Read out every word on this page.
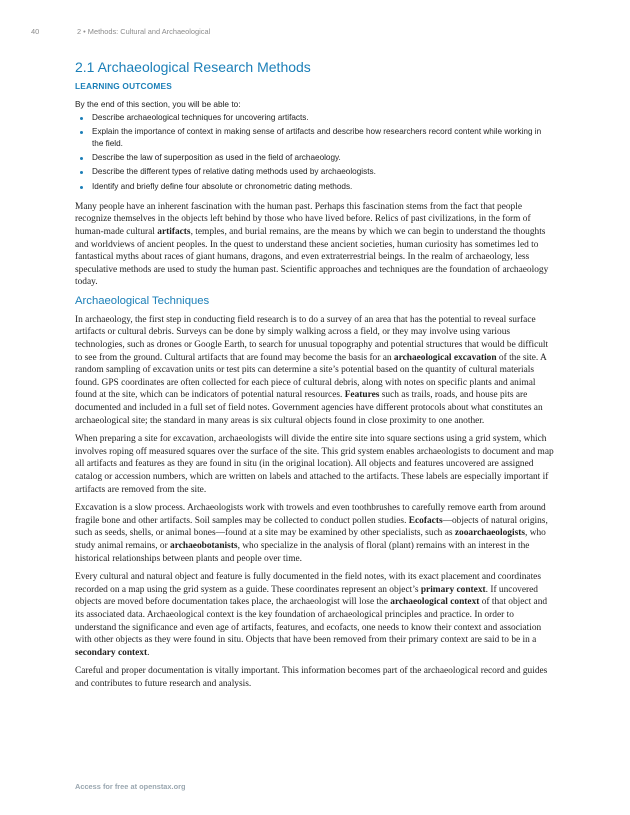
40	2 • Methods: Cultural and Archaeological
2.1 Archaeological Research Methods
LEARNING OUTCOMES

By the end of this section, you will be able to:

Describe archaeological techniques for uncovering artifacts.
Explain the importance of context in making sense of artifacts and describe how researchers record content while working in the field.
Describe the law of superposition as used in the field of archaeology.
Describe the different types of relative dating methods used by archaeologists.
Identify and briefly define four absolute or chronometric dating methods.

Many people have an inherent fascination with the human past. Perhaps this fascination stems from the fact that people recognize themselves in the objects left behind by those who have lived before. Relics of past civilizations, in the form of human-made cultural artifacts, temples, and burial remains, are the means by which we can begin to understand the thoughts and worldviews of ancient peoples. In the quest to understand these ancient societies, human curiosity has sometimes led to fantastical myths about races of giant humans, dragons, and even extraterrestrial beings. In the realm of archaeology, less speculative methods are used to study the human past. Scientific approaches and techniques are the foundation of archaeology today.

Archaeological Techniques

In archaeology, the first step in conducting field research is to do a survey of an area that has the potential to reveal surface artifacts or cultural debris. Surveys can be done by simply walking across a field, or they may involve using various technologies, such as drones or Google Earth, to search for unusual topography and potential structures that would be difficult to see from the ground. Cultural artifacts that are found may become the basis for an archaeological excavation of the site. A random sampling of excavation units or test pits can determine a site’s potential based on the quantity of cultural materials found. GPS coordinates are often collected for each piece of cultural debris, along with notes on specific plants and animal found at the site, which can be indicators of potential natural resources. Features such as trails, roads, and house pits are documented and included in a full set of field notes. Government agencies have different protocols about what constitutes an archaeological site; the standard in many areas is six cultural objects found in close proximity to one another.

When preparing a site for excavation, archaeologists will divide the entire site into square sections using a grid system, which involves roping off measured squares over the surface of the site. This grid system enables archaeologists to document and map all artifacts and features as they are found in situ (in the original location). All objects and features uncovered are assigned catalog or accession numbers, which are written on labels and attached to the artifacts. These labels are especially important if artifacts are removed from the site.

Excavation is a slow process. Archaeologists work with trowels and even toothbrushes to carefully remove earth from around fragile bone and other artifacts. Soil samples may be collected to conduct pollen studies. Ecofacts—objects of natural origins, such as seeds, shells, or animal bones—found at a site may be examined by other specialists, such as zooarchaeologists, who study animal remains, or archaeobotanists, who specialize in the analysis of floral (plant) remains with an interest in the historical relationships between plants and people over time.

Every cultural and natural object and feature is fully documented in the field notes, with its exact placement and coordinates recorded on a map using the grid system as a guide. These coordinates represent an object’s primary context. If uncovered objects are moved before documentation takes place, the archaeologist will lose the archaeological context of that object and its associated data. Archaeological context is the key foundation of archaeological principles and practice. In order to understand the significance and even age of artifacts, features, and ecofacts, one needs to know their context and association with other objects as they were found in situ. Objects that have been removed from their primary context are said to be in a secondary context.

Careful and proper documentation is vitally important. This information becomes part of the archaeological record and guides and contributes to future research and analysis.

Access for free at openstax.org
